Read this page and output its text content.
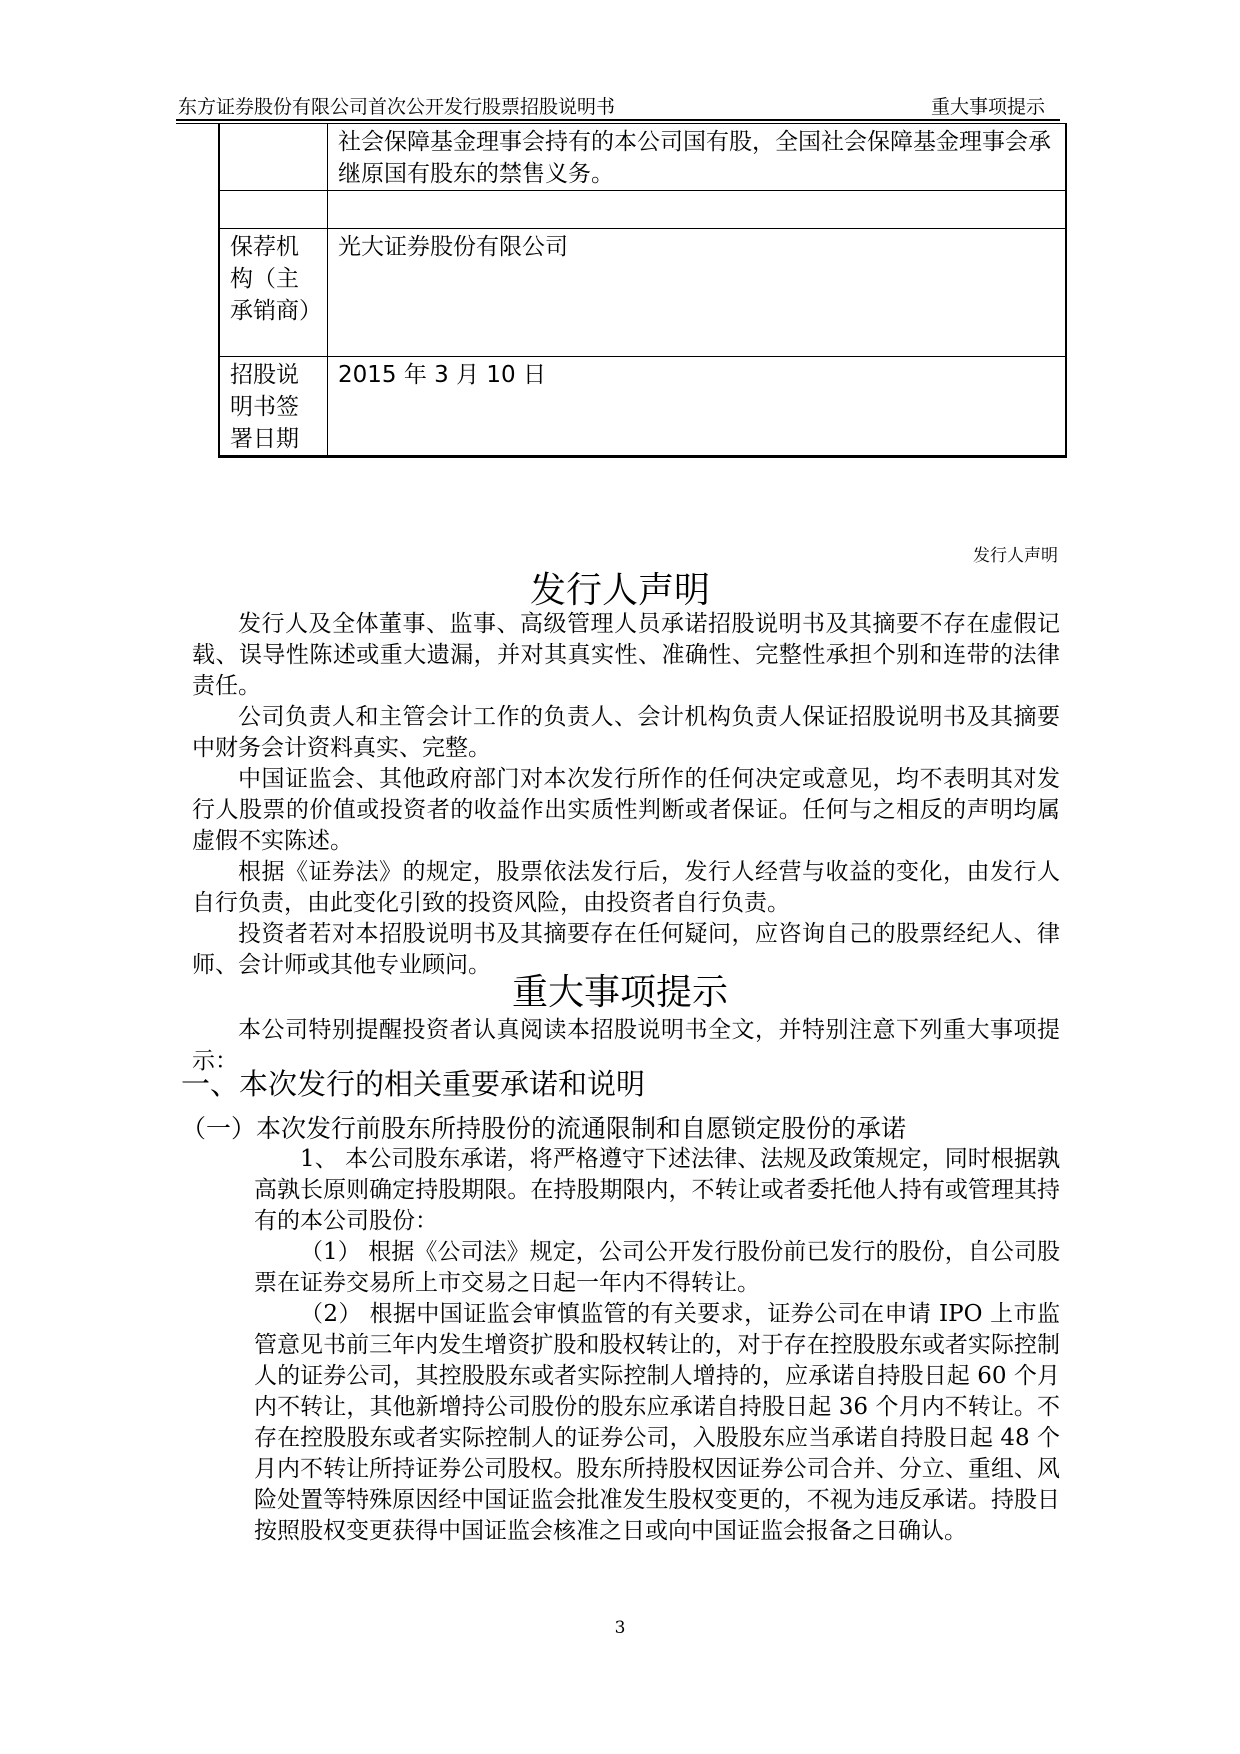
东方证券股份有限公司首次公开发行股票招股说明书	重大事项提示
	社会保障基金理事会持有的本公司国有股，全国社会保障基金理事会承继原国有股东的禁售义务。

保荐机构（主承销商）	光大证券股份有限公司
招股说明书签署日期	2015 年 3 月 10 日
发行人声明
发行人声明

发行人及全体董事、监事、高级管理人员承诺招股说明书及其摘要不存在虚假记载、误导性陈述或重大遗漏，并对其真实性、准确性、完整性承担个别和连带的法律责任。

公司负责人和主管会计工作的负责人、会计机构负责人保证招股说明书及其摘要中财务会计资料真实、完整。

中国证监会、其他政府部门对本次发行所作的任何决定或意见，均不表明其对发行人股票的价值或投资者的收益作出实质性判断或者保证。任何与之相反的声明均属虚假不实陈述。

根据《证券法》的规定，股票依法发行后，发行人经营与收益的变化，由发行人自行负责，由此变化引致的投资风险，由投资者自行负责。

投资者若对本招股说明书及其摘要存在任何疑问，应咨询自己的股票经纪人、律师、会计师或其他专业顾问。

重大事项提示

本公司特别提醒投资者认真阅读本招股说明书全文，并特别注意下列重大事项提示：

一、本次发行的相关重要承诺和说明
（一）本次发行前股东所持股份的流通限制和自愿锁定股份的承诺

1、 本公司股东承诺，将严格遵守下述法律、法规及政策规定，同时根据孰高孰长原则确定持股期限。在持股期限内，不转让或者委托他人持有或管理其持有的本公司股份：

（1） 根据《公司法》规定，公司公开发行股份前已发行的股份，自公司股票在证券交易所上市交易之日起一年内不得转让。

（2） 根据中国证监会审慎监管的有关要求，证券公司在申请 IPO 上市监管意见书前三年内发生增资扩股和股权转让的，对于存在控股股东或者实际控制人的证券公司，其控股股东或者实际控制人增持的，应承诺自持股日起 60 个月内不转让，其他新增持公司股份的股东应承诺自持股日起 36 个月内不转让。不存在控股股东或者实际控制人的证券公司，入股股东应当承诺自持股日起 48 个月内不转让所持证券公司股权。股东所持股权因证券公司合并、分立、重组、风险处置等特殊原因经中国证监会批准发生股权变更的，不视为违反承诺。持股日按照股权变更获得中国证监会核准之日或向中国证监会报备之日确认。

3
